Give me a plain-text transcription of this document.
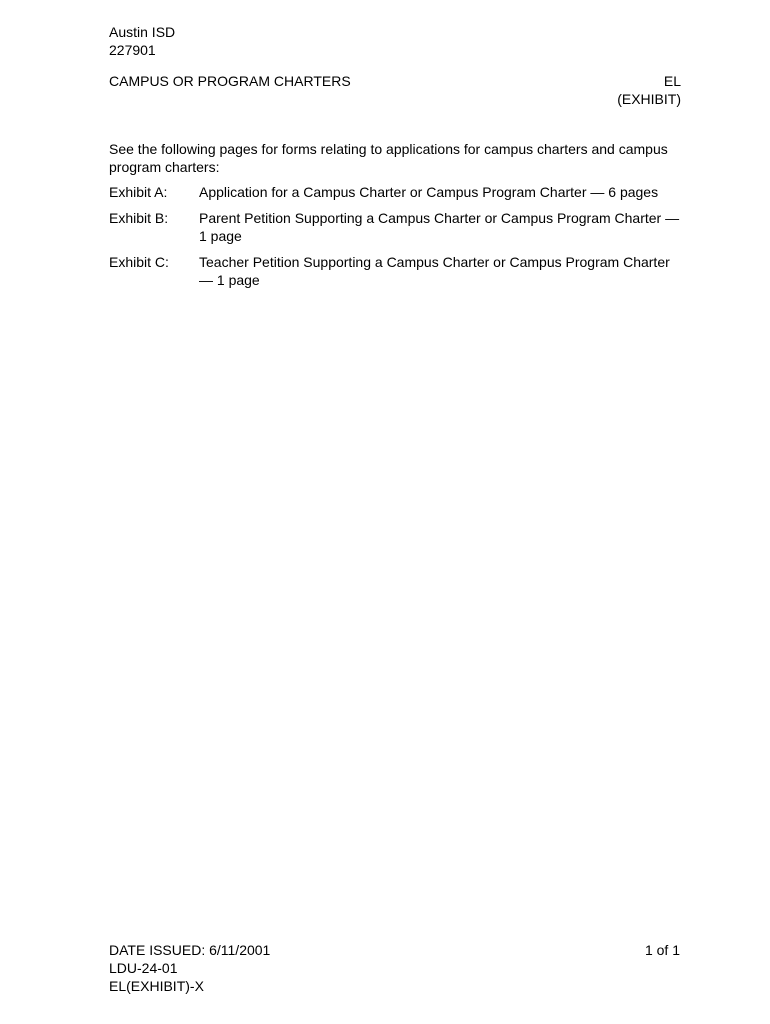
Austin ISD
227901
CAMPUS OR PROGRAM CHARTERS	EL
(EXHIBIT)
See the following pages for forms relating to applications for campus charters and campus program charters:
Exhibit A:	Application for a Campus Charter or Campus Program Charter — 6 pages
Exhibit B:	Parent Petition Supporting a Campus Charter or Campus Program Charter — 1 page
Exhibit C:	Teacher Petition Supporting a Campus Charter or Campus Program Charter — 1 page
DATE ISSUED: 6/11/2001
LDU-24-01
EL(EXHIBIT)-X
1 of 1
